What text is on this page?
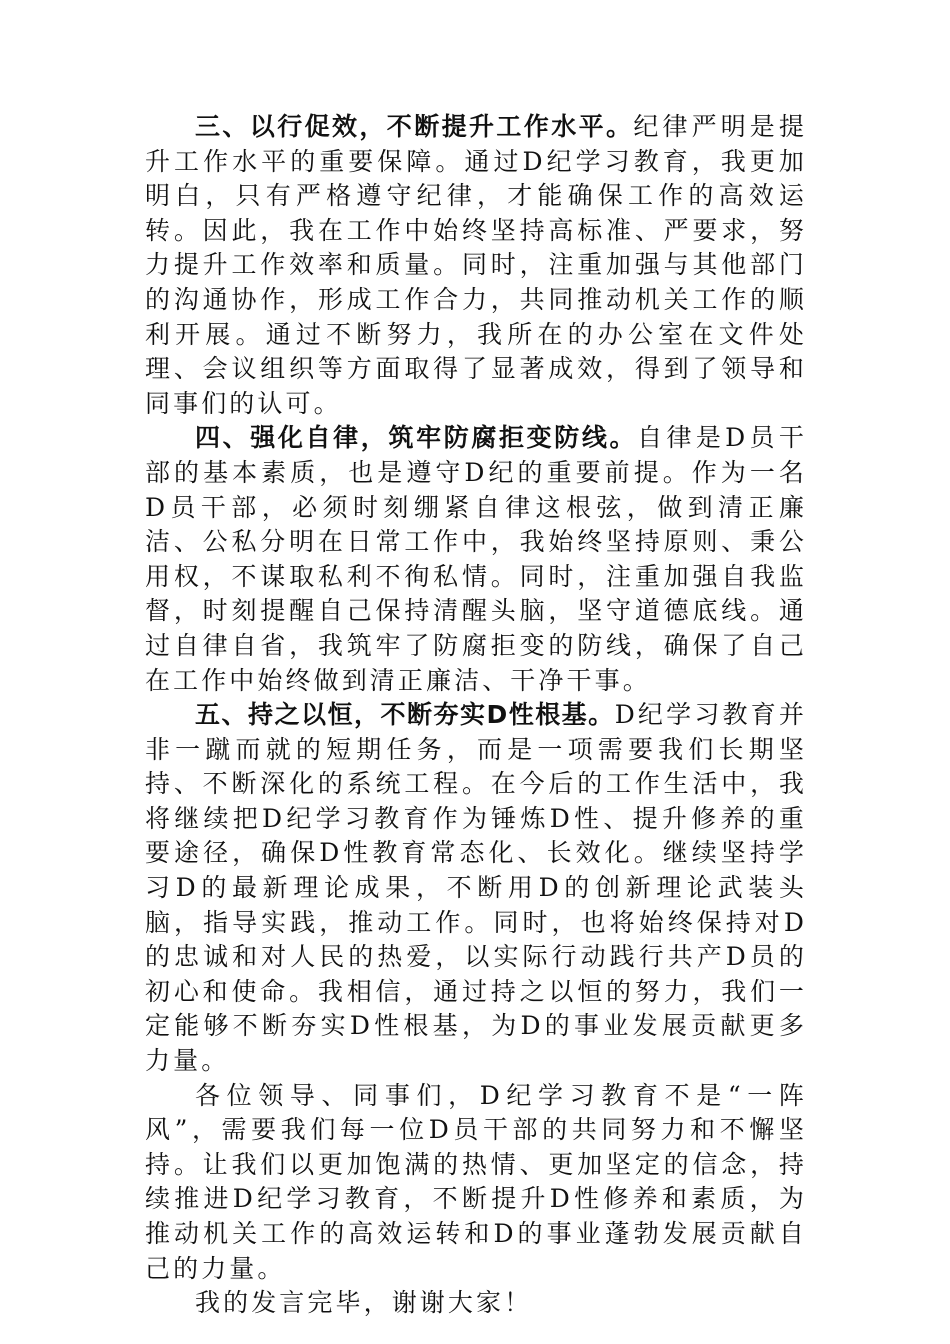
三、以行促效，不断提升工作水平。纪律严明是提升工作水平的重要保障。通过D纪学习教育，我更加明白，只有严格遵守纪律，才能确保工作的高效运转。因此，我在工作中始终坚持高标准、严要求，努力提升工作效率和质量。同时，注重加强与其他部门的沟通协作，形成工作合力，共同推动机关工作的顺利开展。通过不断努力，我所在的办公室在文件处理、会议组织等方面取得了显著成效，得到了领导和同事们的认可。

四、强化自律，筑牢防腐拒变防线。自律是D员干部的基本素质，也是遵守D纪的重要前提。作为一名D员干部，必须时刻绷紧自律这根弦，做到清正廉洁、公私分明在日常工作中，我始终坚持原则、秉公用权，不谋取私利不徇私情。同时，注重加强自我监督，时刻提醒自己保持清醒头脑，坚守道德底线。通过自律自省，我筑牢了防腐拒变的防线，确保了自己在工作中始终做到清正廉洁、干净干事。

五、持之以恒，不断夯实D性根基。D纪学习教育并非一蹴而就的短期任务，而是一项需要我们长期坚持、不断深化的系统工程。在今后的工作生活中，我将继续把D纪学习教育作为锤炼D性、提升修养的重要途径，确保D性教育常态化、长效化。继续坚持学习D的最新理论成果，不断用D的创新理论武装头脑，指导实践，推动工作。同时，也将始终保持对D的忠诚和对人民的热爱，以实际行动践行共产D员的初心和使命。我相信，通过持之以恒的努力，我们一定能够不断夯实D性根基，为D的事业发展贡献更多力量。

各位领导、同事们，D纪学习教育不是“一阵风”，需要我们每一位D员干部的共同努力和不懈坚持。让我们以更加饱满的热情、更加坚定的信念，持续推进D纪学习教育，不断提升D性修养和素质，为推动机关工作的高效运转和D的事业蓬勃发展贡献自己的力量。

我的发言完毕，谢谢大家！
